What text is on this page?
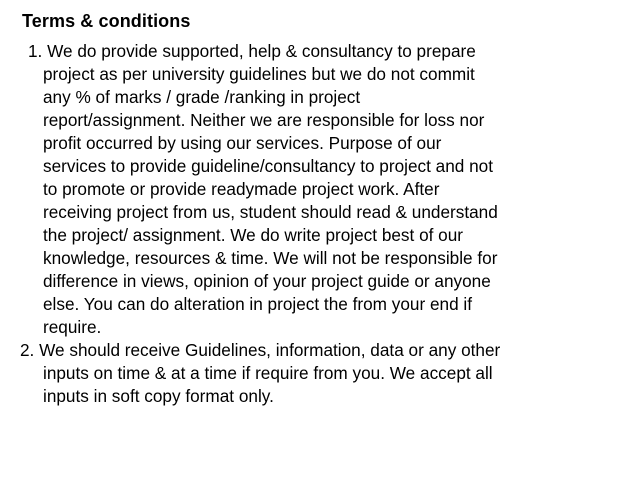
Terms & conditions
1. We do provide supported, help & consultancy to prepare
project as per university guidelines but we do not commit
any % of marks / grade /ranking in project
report/assignment. Neither we are responsible for loss nor
profit occurred by using our services. Purpose of our
services to provide guideline/consultancy to project and not
to promote or provide readymade project work. After
receiving project from us, student should read & understand
the project/ assignment. We do write project best of our
knowledge, resources & time. We will not be responsible for
difference in views, opinion of your project guide or anyone
else. You can do alteration in project the from your end if
require.
2. We should receive Guidelines, information, data or any other
inputs on time & at a time if require from you. We accept all
inputs in soft copy format only.
